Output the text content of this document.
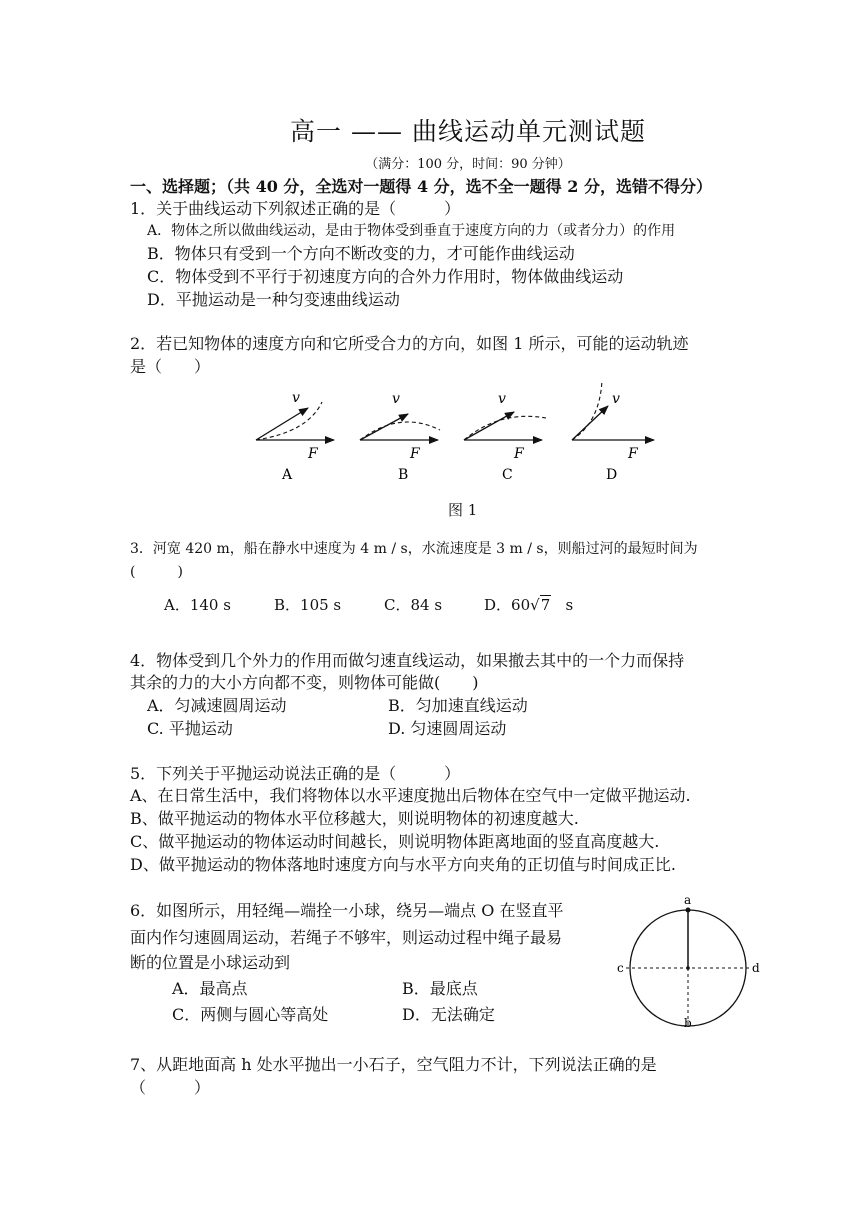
高一 —— 曲线运动单元测试题
（满分：100 分，时间：90 分钟）
一、选择题；（共 40 分，全选对一题得 4 分，选不全一题得 2 分，选错不得分）
1．关于曲线运动下列叙述正确的是（　　　）
A．物体之所以做曲线运动，是由于物体受到垂直于速度方向的力（或者分力）的作用
B．物体只有受到一个方向不断改变的力，才可能作曲线运动
C．物体受到不平行于初速度方向的合外力作用时，物体做曲线运动
D．平抛运动是一种匀变速曲线运动
2．若已知物体的速度方向和它所受合力的方向，如图 1 所示，可能的运动轨迹
是（　　）
v
F
A
v
F
B
v
F
C
v
F
D
图 1
3．河宽 420 m，船在静水中速度为 4 m / s，水流速度是 3 m / s，则船过河的最短时间为
(　　　)
A．140 s	B．105 s	C．84 s	D．60√7 s
4．物体受到几个外力的作用而做匀速直线运动，如果撤去其中的一个力而保持
其余的力的大小方向都不变，则物体可能做(　　)
A．匀减速圆周运动	B．匀加速直线运动
C. 平抛运动	D. 匀速圆周运动
5．下列关于平抛运动说法正确的是（　　　）
A、在日常生活中，我们将物体以水平速度抛出后物体在空气中一定做平抛运动.
B、做平抛运动的物体水平位移越大，则说明物体的初速度越大.
C、做平抛运动的物体运动时间越长，则说明物体距离地面的竖直高度越大.
D、做平抛运动的物体落地时速度方向与水平方向夹角的正切值与时间成正比.
6．如图所示，用轻绳—端拴一小球，绕另—端点 O 在竖直平
面内作匀速圆周运动，若绳子不够牢，则运动过程中绳子最易
断的位置是小球运动到
A．最高点	B．最底点
C．两侧与圆心等高处	D．无法确定
a
b
c	d
7、从距地面高 h 处水平抛出一小石子，空气阻力不计，下列说法正确的是
（　　　）
